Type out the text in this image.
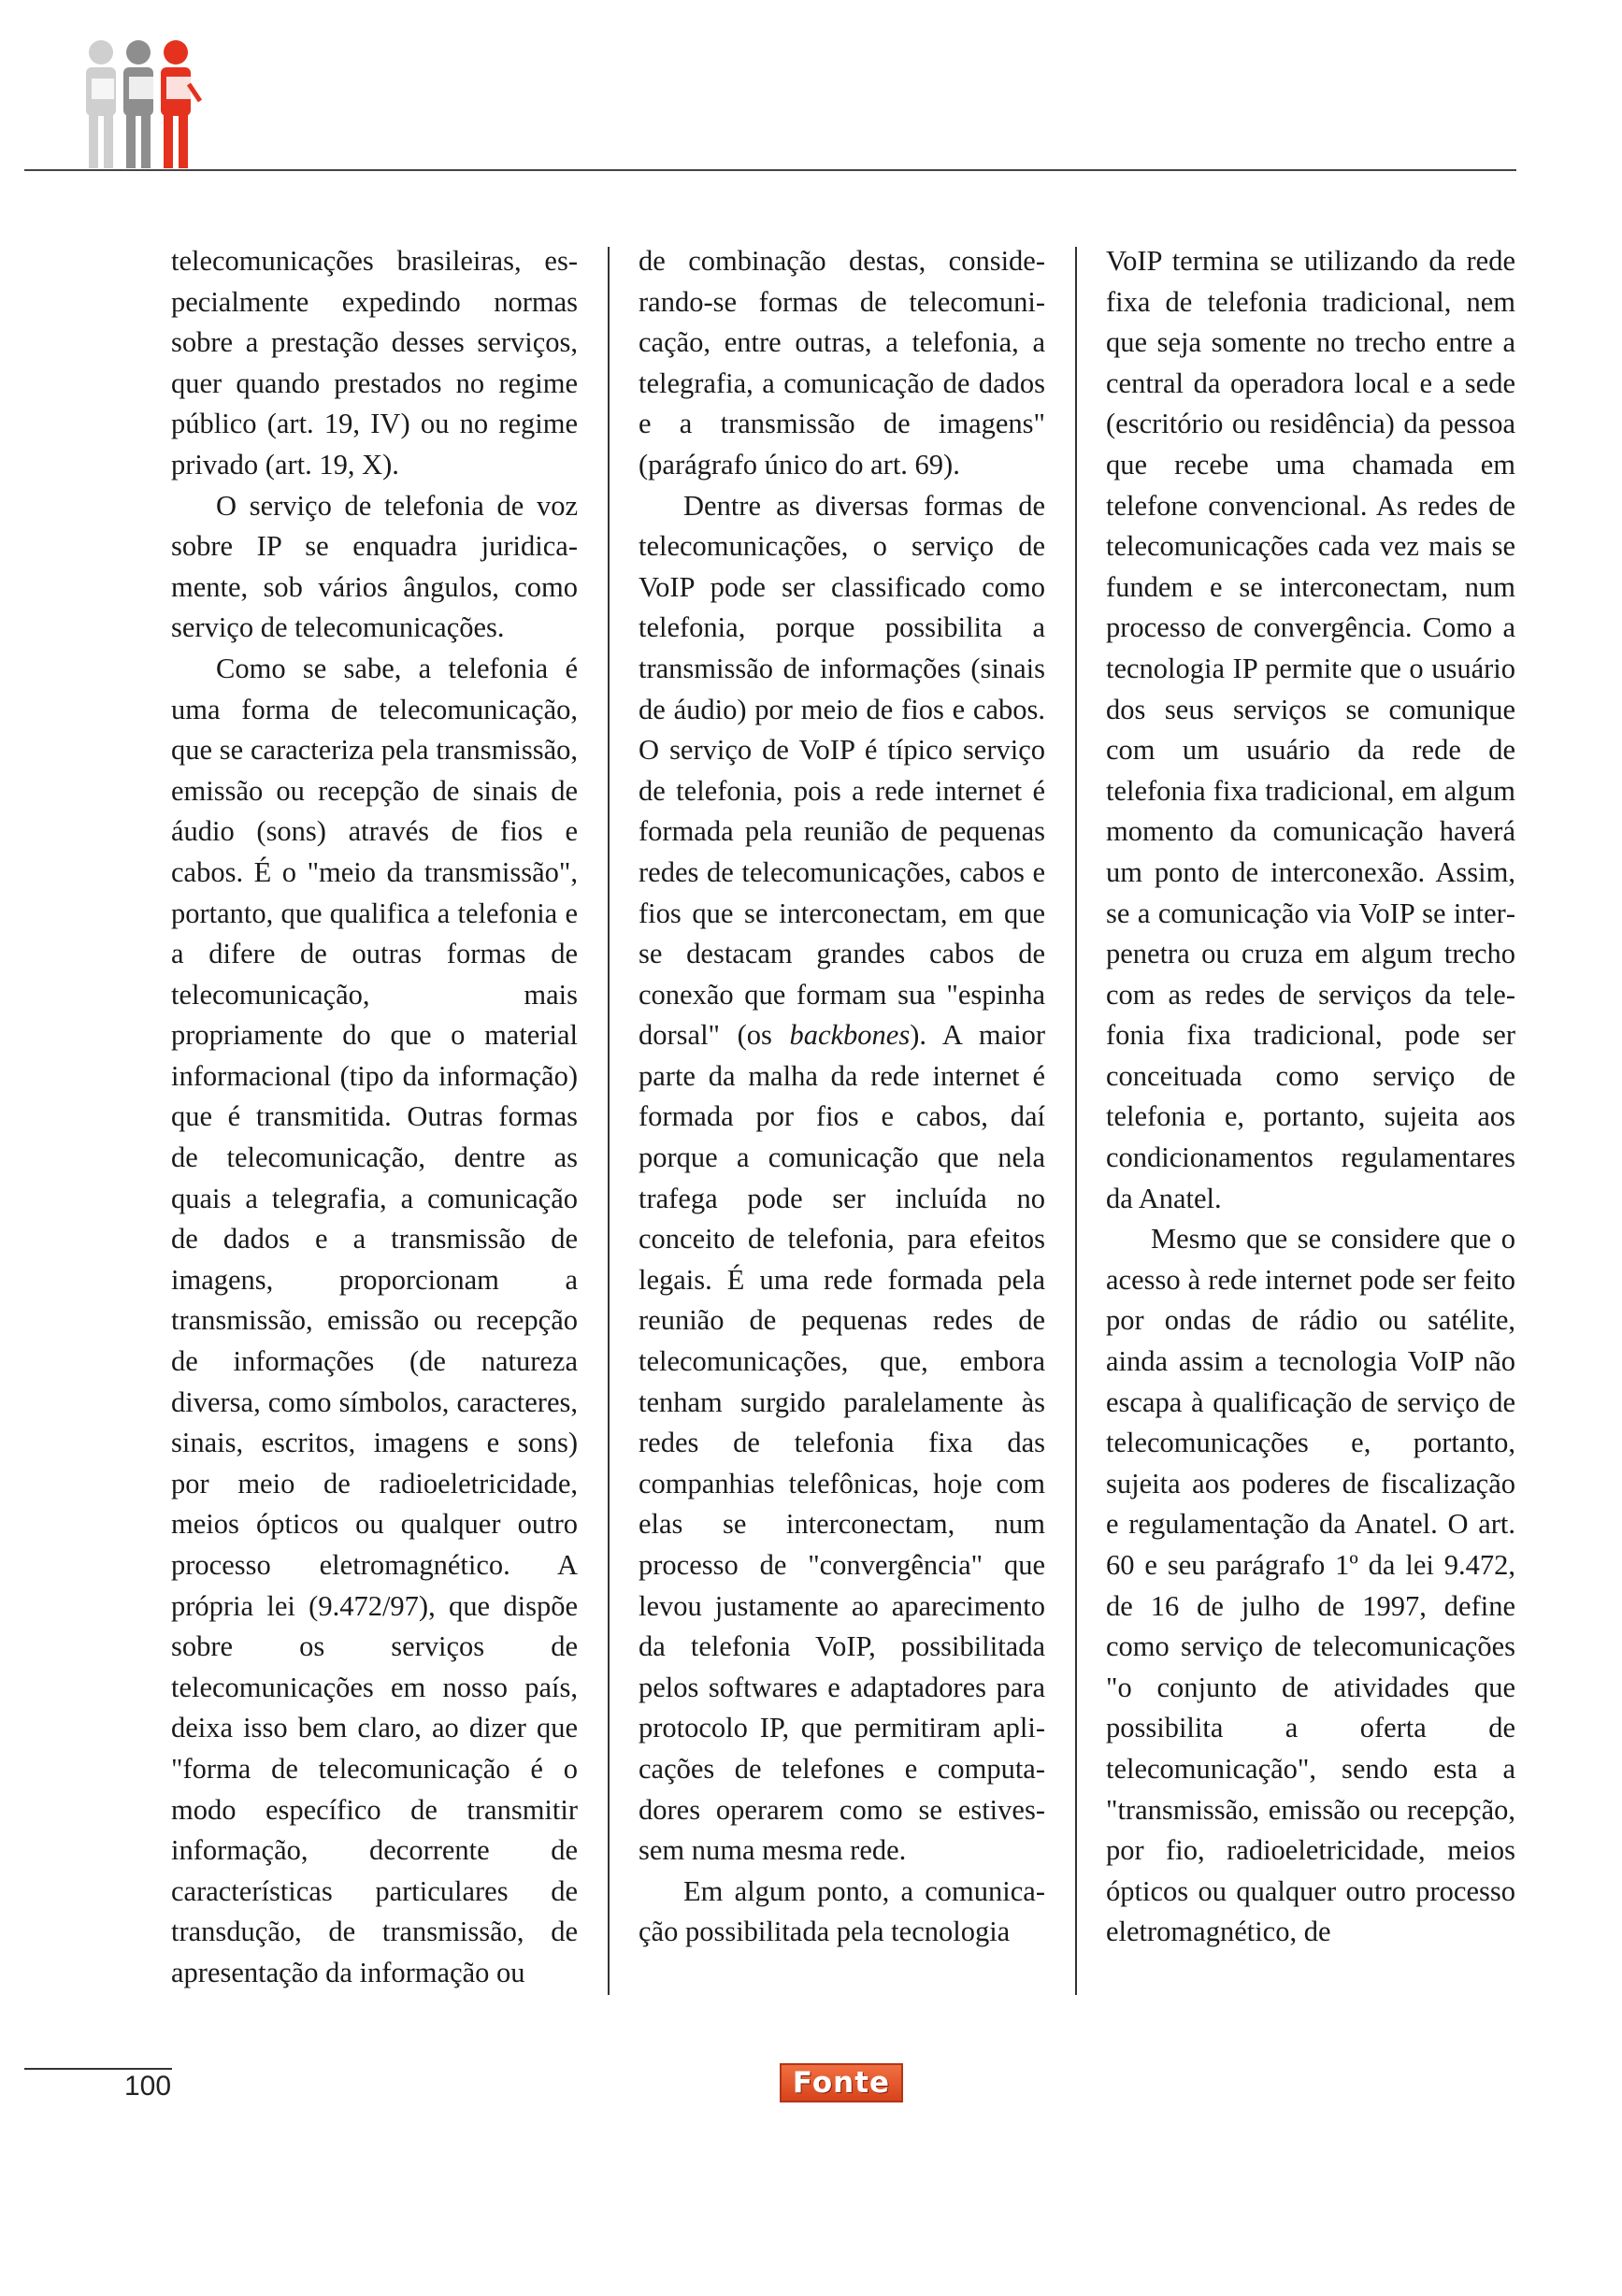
telecomunicações brasileiras, especialmente expedindo normas sobre a prestação desses serviços, quer quando prestados no regime público (art. 19, IV) ou no regime privado (art. 19, X).

O serviço de telefonia de voz sobre IP se enquadra juridicamente, sob vários ângulos, como serviço de telecomunicações.

Como se sabe, a telefonia é uma forma de telecomunicação, que se caracteriza pela transmissão, emissão ou recepção de sinais de áudio (sons) através de fios e cabos. É o "meio da transmissão", portanto, que qualifica a telefonia e a difere de outras formas de telecomunicação, mais propriamente do que o material informacional (tipo da informação) que é transmitida. Outras formas de telecomunicação, dentre as quais a telegrafia, a comunicação de dados e a transmissão de imagens, proporcionam a transmissão, emissão ou recepção de informações (de natureza diversa, como símbolos, caracteres, sinais, escritos, imagens e sons) por meio de radioeletricidade, meios ópticos ou qualquer outro processo eletromagnético. A própria lei (9.472/97), que dispõe sobre os serviços de telecomunicações em nosso país, deixa isso bem claro, ao dizer que "forma de telecomunicação é o modo específico de transmitir informação, decorrente de características particulares de transdução, de transmissão, de apresentação da informação ou

de combinação destas, considerando-se formas de telecomunicação, entre outras, a telefonia, a telegrafia, a comunicação de dados e a transmissão de imagens" (parágrafo único do art. 69).

Dentre as diversas formas de telecomunicações, o serviço de VoIP pode ser classificado como telefonia, porque possibilita a transmissão de informações (sinais de áudio) por meio de fios e cabos. O serviço de VoIP é típico serviço de telefonia, pois a rede internet é formada pela reunião de pequenas redes de telecomunicações, cabos e fios que se interconectam, em que se destacam grandes cabos de conexão que formam sua "espinha dorsal" (os backbones). A maior parte da malha da rede internet é formada por fios e cabos, daí porque a comunicação que nela trafega pode ser incluída no conceito de telefonia, para efeitos legais. É uma rede formada pela reunião de pequenas redes de telecomunicações, que, embora tenham surgido paralelamente às redes de telefonia fixa das companhias telefônicas, hoje com elas se interconectam, num processo de "convergência" que levou justamente ao aparecimento da telefonia VoIP, possibilitada pelos softwares e adaptadores para protocolo IP, que permitiram aplicações de telefones e computadores operarem como se estivessem numa mesma rede.

Em algum ponto, a comunicação possibilitada pela tecnologia

VoIP termina se utilizando da rede fixa de telefonia tradicional, nem que seja somente no trecho entre a central da operadora local e a sede (escritório ou residência) da pessoa que recebe uma chamada em telefone convencional. As redes de telecomunicações cada vez mais se fundem e se interconectam, num processo de convergência. Como a tecnologia IP permite que o usuário dos seus serviços se comunique com um usuário da rede de telefonia fixa tradicional, em algum momento da comunicação haverá um ponto de interconexão. Assim, se a comunicação via VoIP se interpenetra ou cruza em algum trecho com as redes de serviços da telefonia fixa tradicional, pode ser conceituada como serviço de telefonia e, portanto, sujeita aos condicionamentos regulamentares da Anatel.

Mesmo que se considere que o acesso à rede internet pode ser feito por ondas de rádio ou satélite, ainda assim a tecnologia VoIP não escapa à qualificação de serviço de telecomunicações e, portanto, sujeita aos poderes de fiscalização e regulamentação da Anatel. O art. 60 e seu parágrafo 1º da lei 9.472, de 16 de julho de 1997, define como serviço de telecomunicações "o conjunto de atividades que possibilita a oferta de telecomunicação", sendo esta a "transmissão, emissão ou recepção, por fio, radioeletricidade, meios ópticos ou qualquer outro processo eletromagnético, de

100	Fonte
